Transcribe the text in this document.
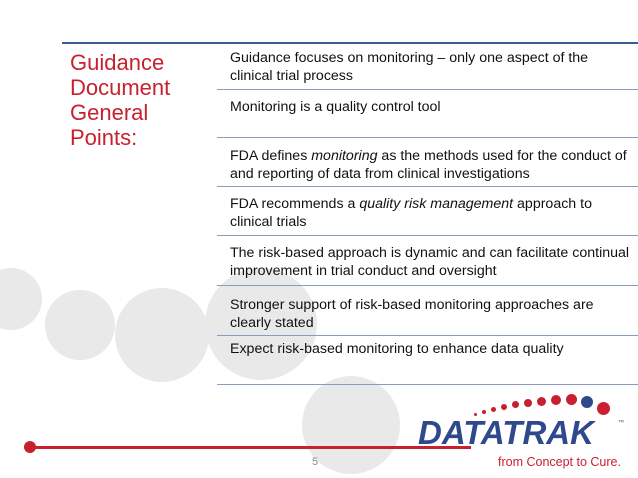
Guidance Document General Points:
Guidance focuses on monitoring – only one aspect of the clinical trial process
Monitoring is a quality control tool
FDA defines monitoring as the methods used for the conduct of and reporting of data from clinical investigations
FDA recommends a quality risk management approach to clinical trials
The risk-based approach is dynamic and can facilitate continual improvement in trial conduct and oversight
Stronger support of risk-based monitoring approaches are clearly stated
Expect risk-based monitoring to enhance data quality
5
DATATRAK	™
from Concept to Cure.
